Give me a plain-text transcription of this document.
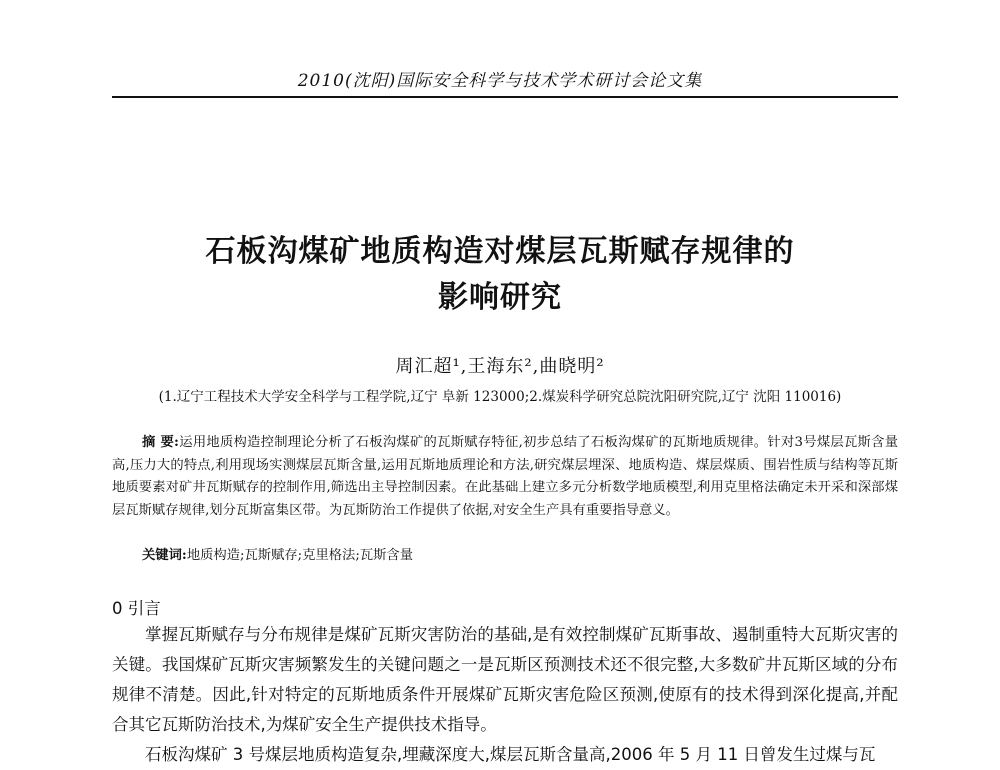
2010(沈阳)国际安全科学与技术学术研讨会论文集
石板沟煤矿地质构造对煤层瓦斯赋存规律的
影响研究
周汇超¹,王海东²,曲晓明²
(1.辽宁工程技术大学安全科学与工程学院,辽宁 阜新 123000;2.煤炭科学研究总院沈阳研究院,辽宁 沈阳 110016)
摘 要:运用地质构造控制理论分析了石板沟煤矿的瓦斯赋存特征,初步总结了石板沟煤矿的瓦斯地质规律。针对3号煤层瓦斯含量高,压力大的特点,利用现场实测煤层瓦斯含量,运用瓦斯地质理论和方法,研究煤层埋深、地质构造、煤层煤质、围岩性质与结构等瓦斯地质要素对矿井瓦斯赋存的控制作用,筛选出主导控制因素。在此基础上建立多元分析数学地质模型,利用克里格法确定未开采和深部煤层瓦斯赋存规律,划分瓦斯富集区带。为瓦斯防治工作提供了依据,对安全生产具有重要指导意义。
关键词:地质构造;瓦斯赋存;克里格法;瓦斯含量
0 引言

掌握瓦斯赋存与分布规律是煤矿瓦斯灾害防治的基础,是有效控制煤矿瓦斯事故、遏制重特大瓦斯灾害的关键。我国煤矿瓦斯灾害频繁发生的关键问题之一是瓦斯区预测技术还不很完整,大多数矿井瓦斯区域的分布规律不清楚。因此,针对特定的瓦斯地质条件开展煤矿瓦斯灾害危险区预测,使原有的技术得到深化提高,并配合其它瓦斯防治技术,为煤矿安全生产提供技术指导。

石板沟煤矿 3 号煤层地质构造复杂,埋藏深度大,煤层瓦斯含量高,2006 年 5 月 11 日曾发生过煤与瓦
